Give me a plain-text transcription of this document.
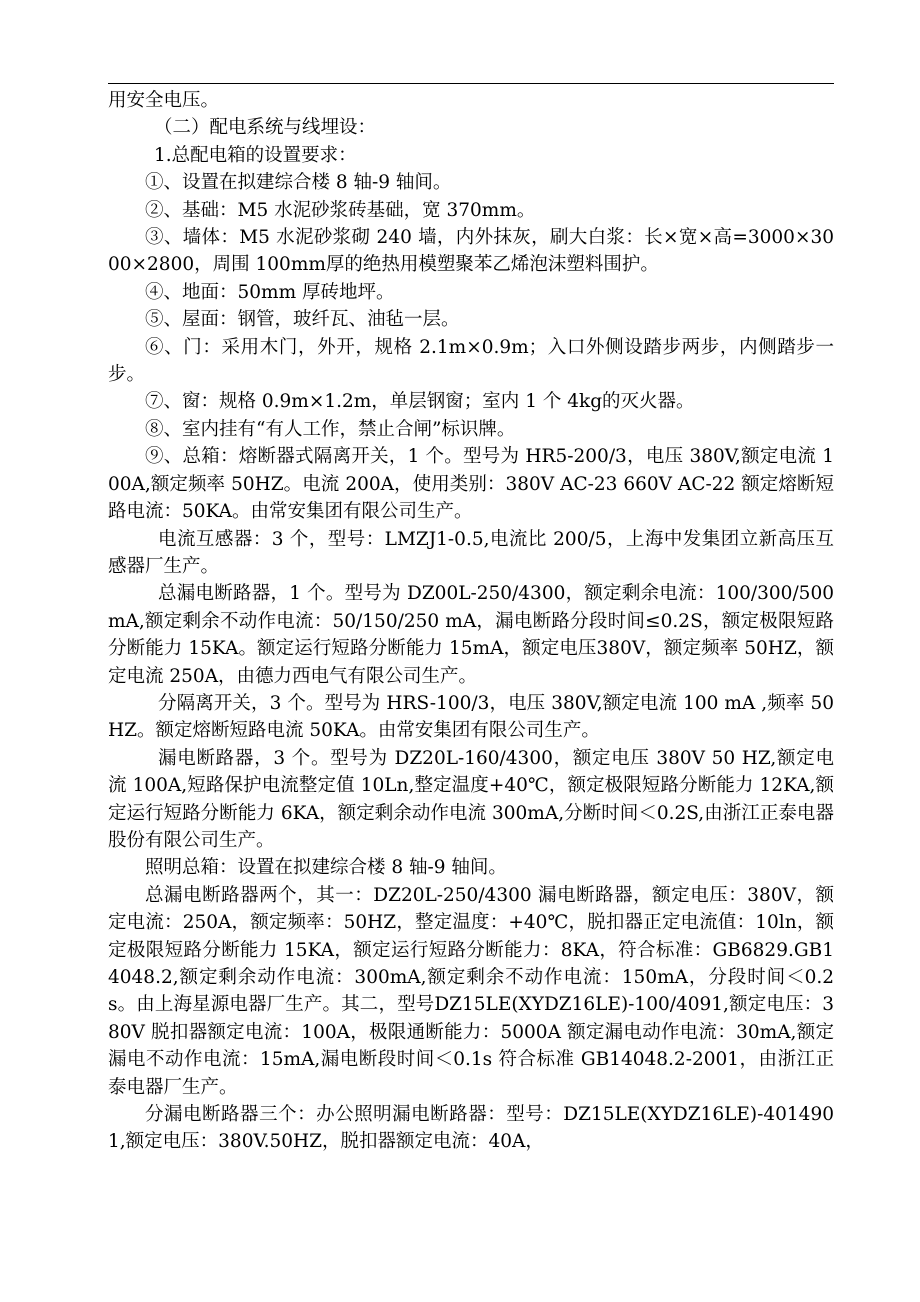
用安全电压。

（二）配电系统与线埋设：

1.总配电箱的设置要求：

①、设置在拟建综合楼 8 轴-9 轴间。

②、基础：M5 水泥砂浆砖基础，宽 370mm。

③、墙体：M5 水泥砂浆砌 240 墙，内外抹灰，刷大白浆：长×宽×高=3000×3000×2800，周围 100mm厚的绝热用模塑聚苯乙烯泡沫塑料围护。

④、地面：50mm 厚砖地坪。

⑤、屋面：钢管，玻纤瓦、油毡一层。

⑥、门：采用木门，外开，规格 2.1m×0.9m；入口外侧设踏步两步，内侧踏步一步。

⑦、窗：规格 0.9m×1.2m，单层钢窗；室内 1 个 4kg的灭火器。

⑧、室内挂有“有人工作，禁止合闸”标识牌。

⑨、总箱：熔断器式隔离开关，1 个。型号为 HR5-200/3，电压 380V,额定电流 100A,额定频率 50HZ。电流 200A，使用类别：380V AC-23 660V AC-22 额定熔断短路电流：50KA。由常安集团有限公司生产。

电流互感器：3 个，型号：LMZJ1-0.5,电流比 200/5，上海中发集团立新高压互感器厂生产。

总漏电断路器，1 个。型号为 DZ00L-250/4300，额定剩余电流：100/300/500mA,额定剩余不动作电流：50/150/250 mA，漏电断路分段时间≤0.2S，额定极限短路分断能力 15KA。额定运行短路分断能力 15mA，额定电压380V，额定频率 50HZ，额定电流 250A，由德力西电气有限公司生产。

分隔离开关，3 个。型号为 HRS-100/3，电压 380V,额定电流 100 mA ,频率 50HZ。额定熔断短路电流 50KA。由常安集团有限公司生产。

漏电断路器，3 个。型号为 DZ20L-160/4300，额定电压 380V 50 HZ,额定电流 100A,短路保护电流整定值 10Ln,整定温度+40℃，额定极限短路分断能力 12KA,额定运行短路分断能力 6KA，额定剩余动作电流 300mA,分断时间＜0.2S,由浙江正泰电器股份有限公司生产。

照明总箱：设置在拟建综合楼 8 轴-9 轴间。

总漏电断路器两个，其一：DZ20L-250/4300 漏电断路器，额定电压：380V，额定电流：250A，额定频率：50HZ，整定温度：+40℃，脱扣器正定电流值：10ln，额定极限短路分断能力 15KA，额定运行短路分断能力：8KA，符合标准：GB6829.GB14048.2,额定剩余动作电流：300mA,额定剩余不动作电流：150mA，分段时间＜0.2s。由上海星源电器厂生产。其二，型号DZ15LE(XYDZ16LE)-100/4091,额定电压：380V 脱扣器额定电流：100A，极限通断能力：5000A 额定漏电动作电流：30mA,额定漏电不动作电流：15mA,漏电断段时间＜0.1s 符合标准 GB14048.2-2001，由浙江正泰电器厂生产。

分漏电断路器三个：办公照明漏电断路器：型号：DZ15LE(XYDZ16LE)-4014901,额定电压：380V.50HZ，脱扣器额定电流：40A，
